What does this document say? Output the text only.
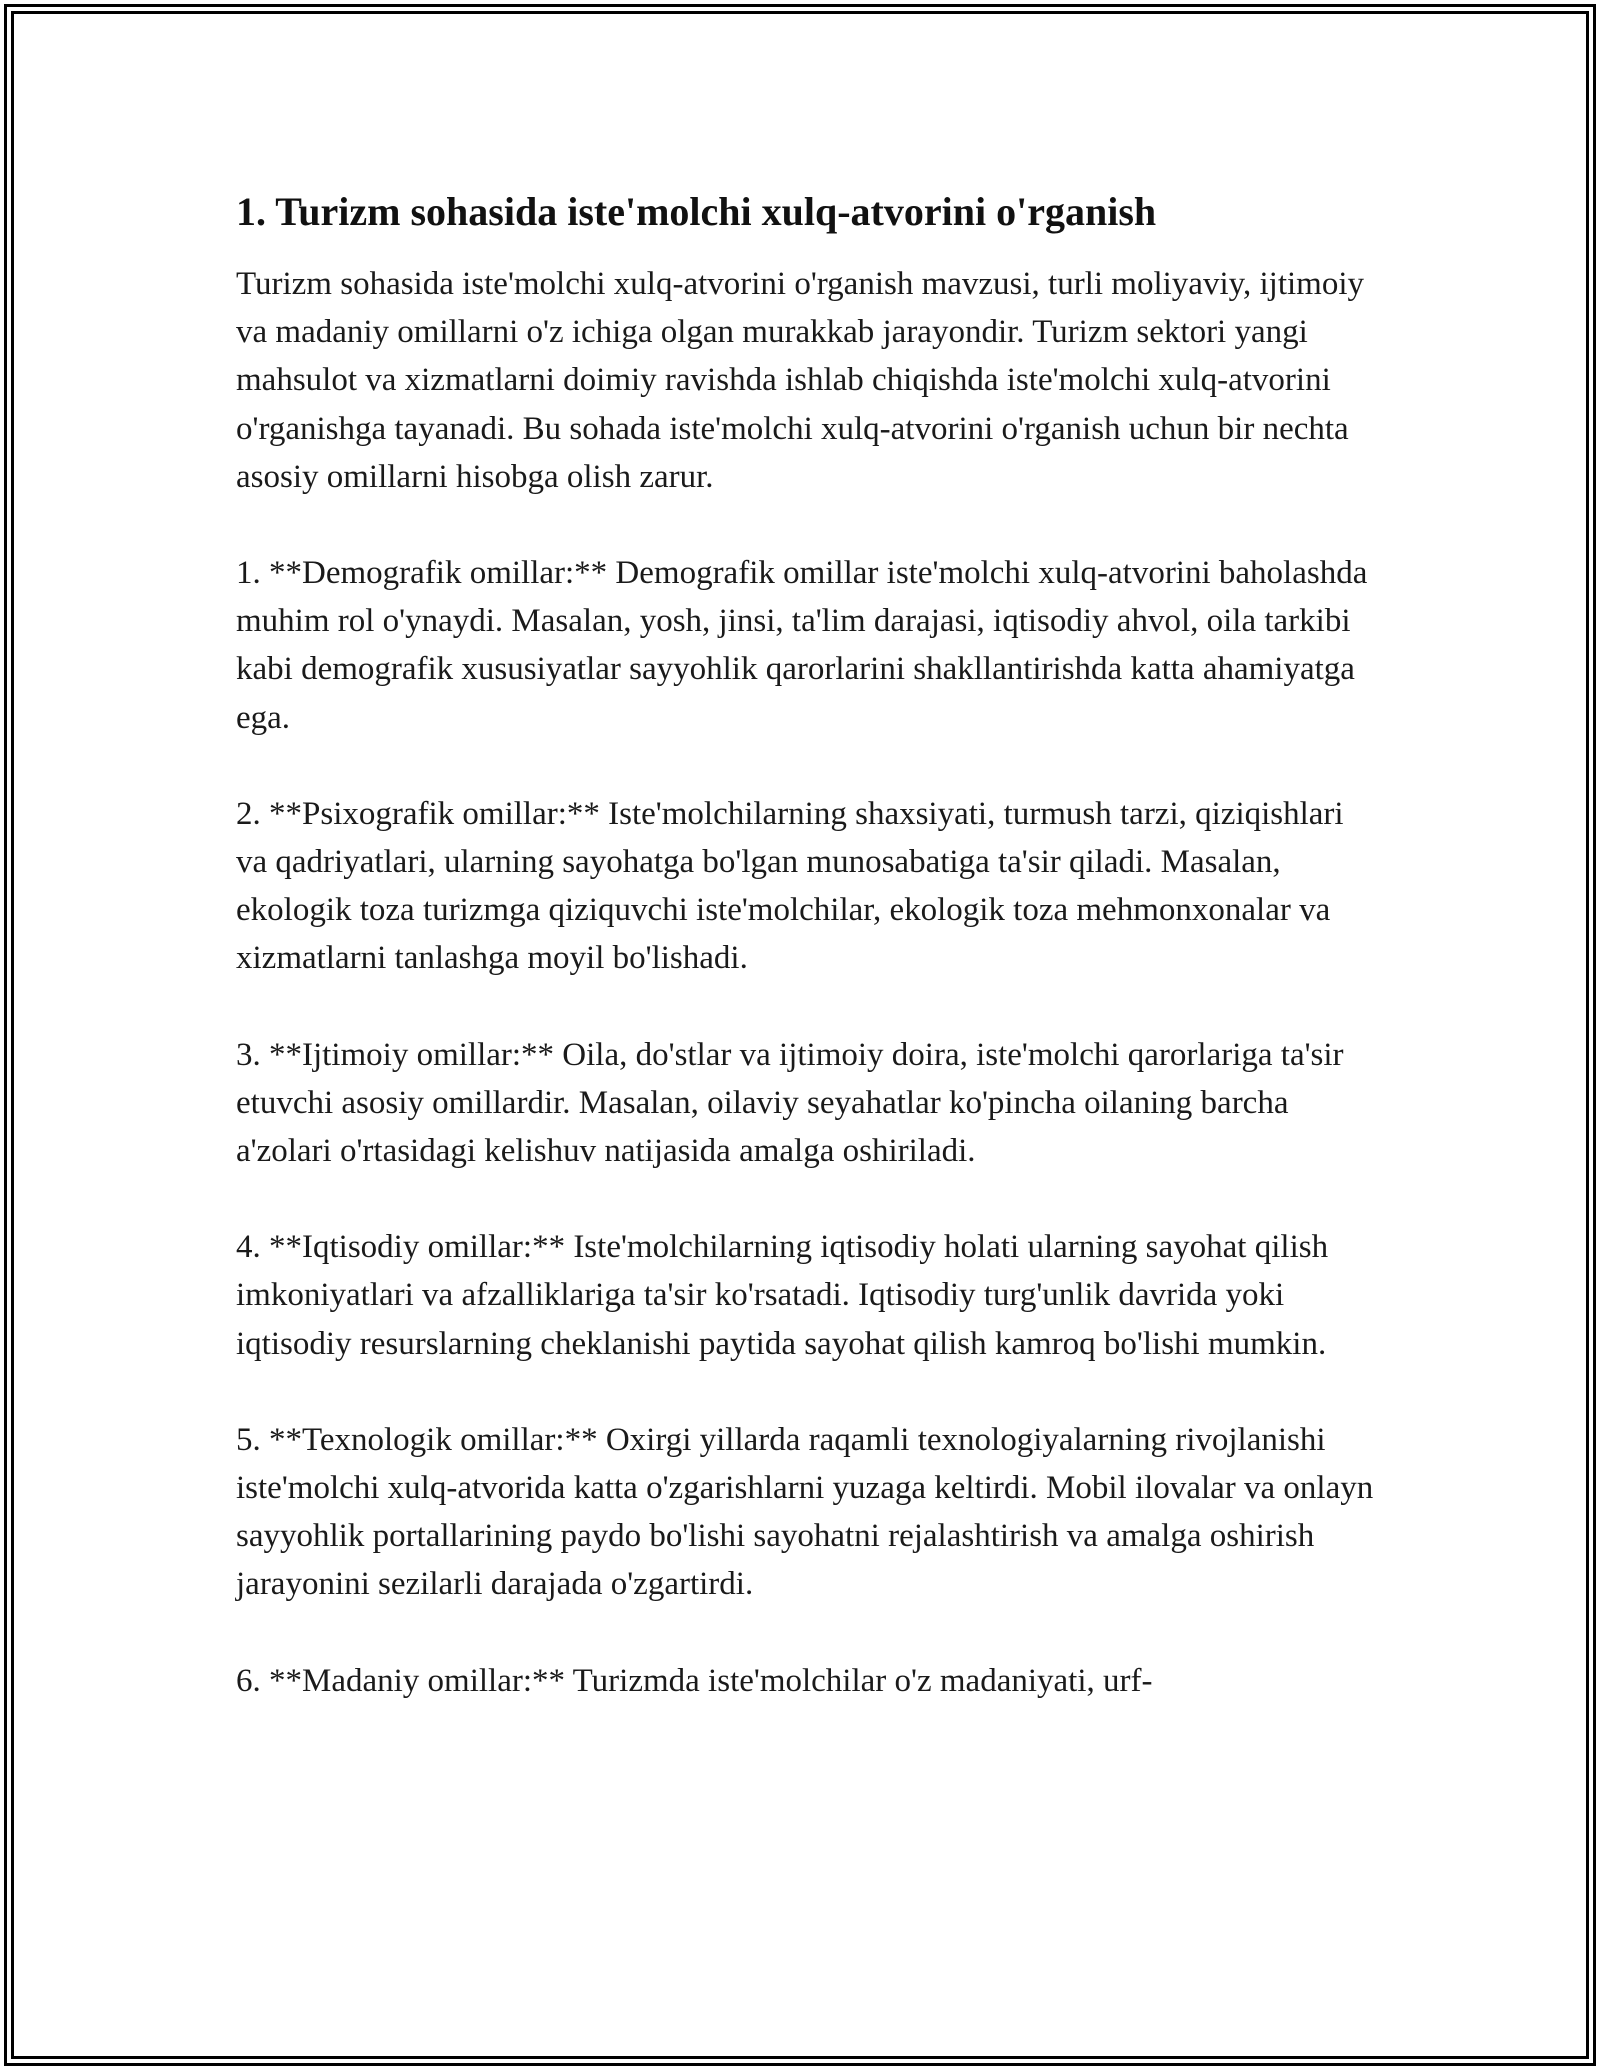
1. Turizm sohasida iste'molchi xulq-atvorini o'rganish
Turizm sohasida iste'molchi xulq-atvorini o'rganish mavzusi, turli moliyaviy, ijtimoiy va madaniy omillarni o'z ichiga olgan murakkab jarayondir. Turizm sektori yangi mahsulot va xizmatlarni doimiy ravishda ishlab chiqishda iste'molchi xulq-atvorini o'rganishga tayanadi. Bu sohada iste'molchi xulq-atvorini o'rganish uchun bir nechta asosiy omillarni hisobga olish zarur.
1. **Demografik omillar:** Demografik omillar iste'molchi xulq-atvorini baholashda muhim rol o'ynaydi. Masalan, yosh, jinsi, ta'lim darajasi, iqtisodiy ahvol, oila tarkibi kabi demografik xususiyatlar sayyohlik qarorlarini shakllantirishda katta ahamiyatga ega.
2. **Psixografik omillar:** Iste'molchilarning shaxsiyati, turmush tarzi, qiziqishlari va qadriyatlari, ularning sayohatga bo'lgan munosabatiga ta'sir qiladi. Masalan, ekologik toza turizmga qiziquvchi iste'molchilar, ekologik toza mehmonxonalar va xizmatlarni tanlashga moyil bo'lishadi.
3. **Ijtimoiy omillar:** Oila, do'stlar va ijtimoiy doira, iste'molchi qarorlariga ta'sir etuvchi asosiy omillardir. Masalan, oilaviy seyahatlar ko'pincha oilaning barcha a'zolari o'rtasidagi kelishuv natijasida amalga oshiriladi.
4. **Iqtisodiy omillar:** Iste'molchilarning iqtisodiy holati ularning sayohat qilish imkoniyatlari va afzalliklariga ta'sir ko'rsatadi. Iqtisodiy turg'unlik davrida yoki iqtisodiy resurslarning cheklanishi paytida sayohat qilish kamroq bo'lishi mumkin.
5. **Texnologik omillar:** Oxirgi yillarda raqamli texnologiyalarning rivojlanishi iste'molchi xulq-atvorida katta o'zgarishlarni yuzaga keltirdi. Mobil ilovalar va onlayn sayyohlik portallarining paydo bo'lishi sayohatni rejalashtirish va amalga oshirish jarayonini sezilarli darajada o'zgartirdi.
6. **Madaniy omillar:** Turizmda iste'molchilar o'z madaniyati, urf-
